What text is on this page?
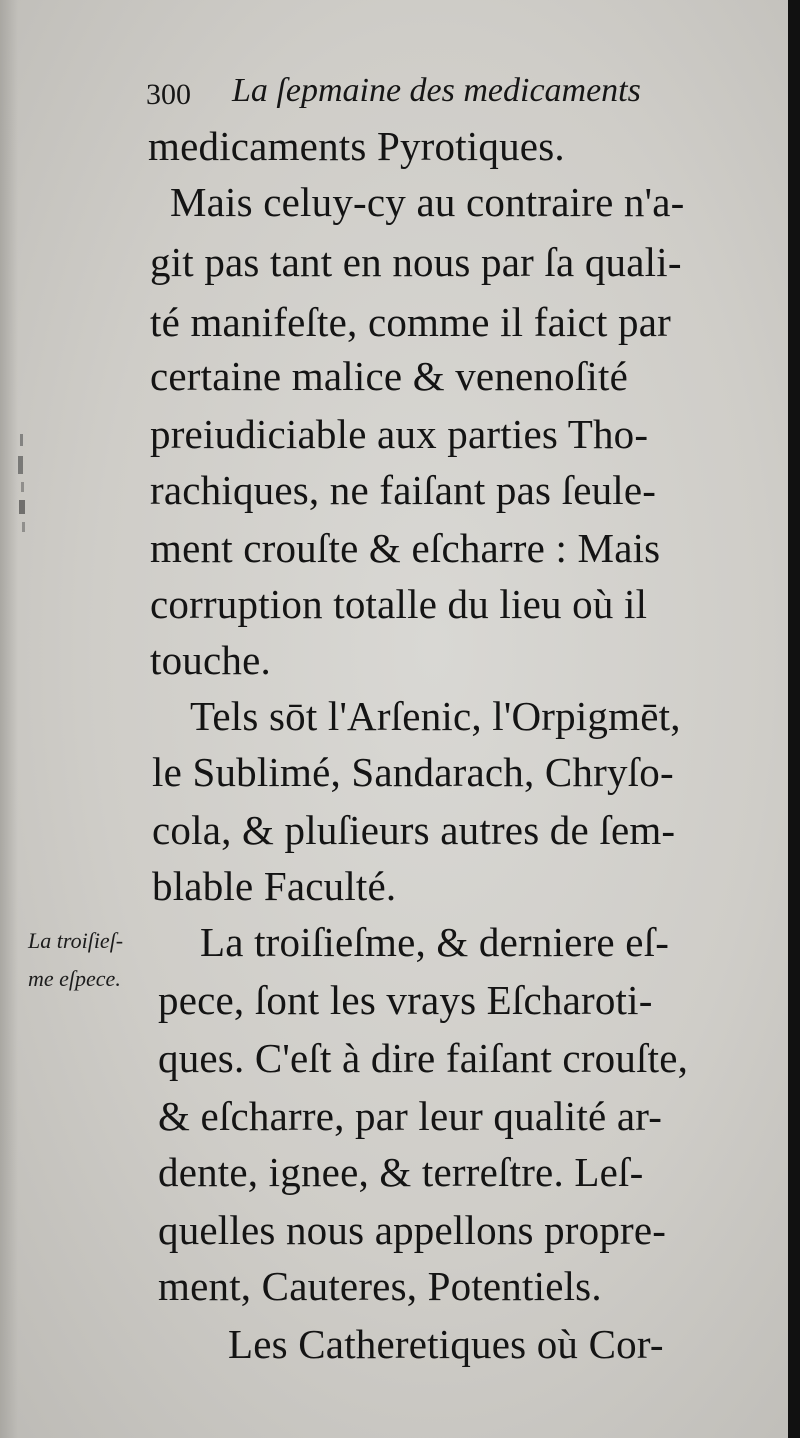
300 La ſepmaine des medicaments
medicaments Pyrotiques.
Mais celuy-cy au contraire n'a-
git pas tant en nous par ſa quali-
té manifeſte, comme il faict par
certaine malice & venenoſité
preiudiciable aux parties Tho-
rachiques, ne faiſant pas ſeule-
ment crouſte & eſcharre : Mais
corruption totalle du lieu où il
touche.
Tels sōt l'Arſenic, l'Orpigmēt,
le Sublimé, Sandarach, Chryſo-
cola, & pluſieurs autres de ſem-
blable Faculté.
La troiſieſme, & derniere eſ-
pece, ſont les vrays Eſcharoti-
ques. C'eſt à dire faiſant crouſte,
& eſcharre, par leur qualité ar-
dente, ignee, & terreſtre. Leſ-
quelles nous appellons propre-
ment, Cauteres, Potentiels.
Les Catheretiques où Cor-
La troiſieſ-
me eſpece.
